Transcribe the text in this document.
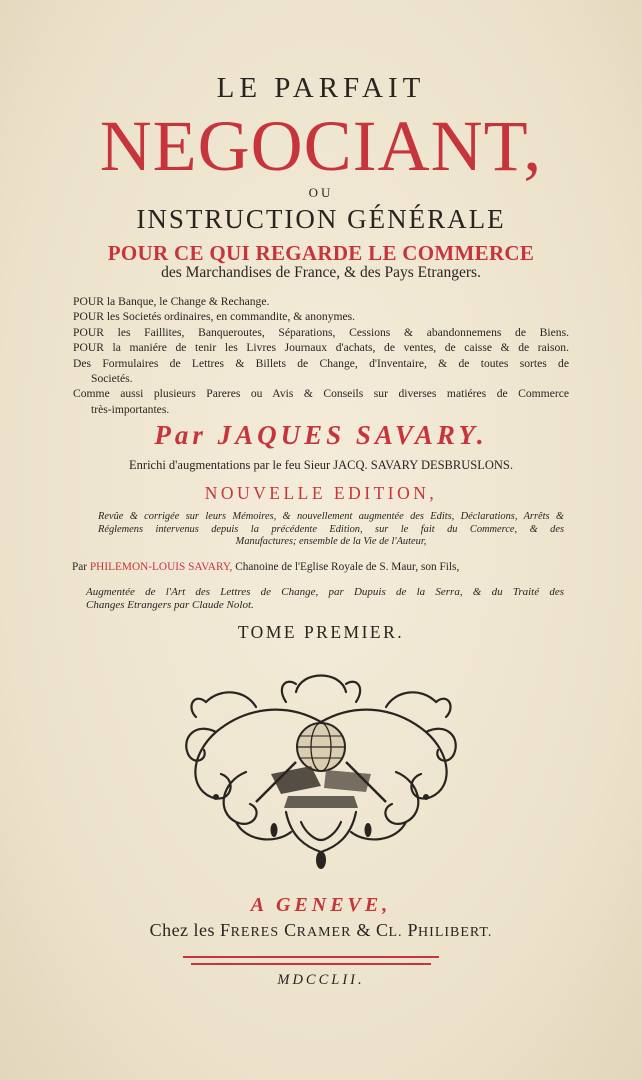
LE PARFAIT
NEGOCIANT,
OU
INSTRUCTION GÉNÉRALE
POUR CE QUI REGARDE LE COMMERCE
des Marchandises de France, & des Pays Etrangers.
POUR la Banque, le Change & Rechange.
POUR les Societés ordinaires, en commandite, & anonymes.
POUR les Faillites, Banqueroutes, Séparations, Cessions & abandonnemens de Biens.
POUR la maniére de tenir les Livres Journaux d'achats, de ventes, de caisse & de raison.
Des Formulaires de Lettres & Billets de Change, d'Inventaire, & de toutes sortes de
Societés.
Comme aussi plusieurs Pareres ou Avis & Conseils sur diverses matiéres de Commerce
très-importantes.
Par JAQUES SAVARY.
Enrichi d'augmentations par le feu Sieur JACQ. SAVARY DESBRUSLONS.
NOUVELLE EDITION,
Revûe & corrigée sur leurs Mémoires, & nouvellement augmentée des Edits, Déclarations, Arrêts &
Réglemens intervenus depuis la précédente Edition, sur le fait du Commerce, & des
Manufactures; ensemble de la Vie de l'Auteur,
Par PHILEMON-LOUIS SAVARY, Chanoine de l'Eglise Royale de S. Maur, son Fils,
Augmentée de l'Art des Lettres de Change, par Dupuis de la Serra, & du Traité des
Changes Etrangers par Claude Nolot.
TOME PREMIER.
A GENEVE,
Chez les FRERES CRAMER & CL. PHILIBERT.
MDCCLII.
